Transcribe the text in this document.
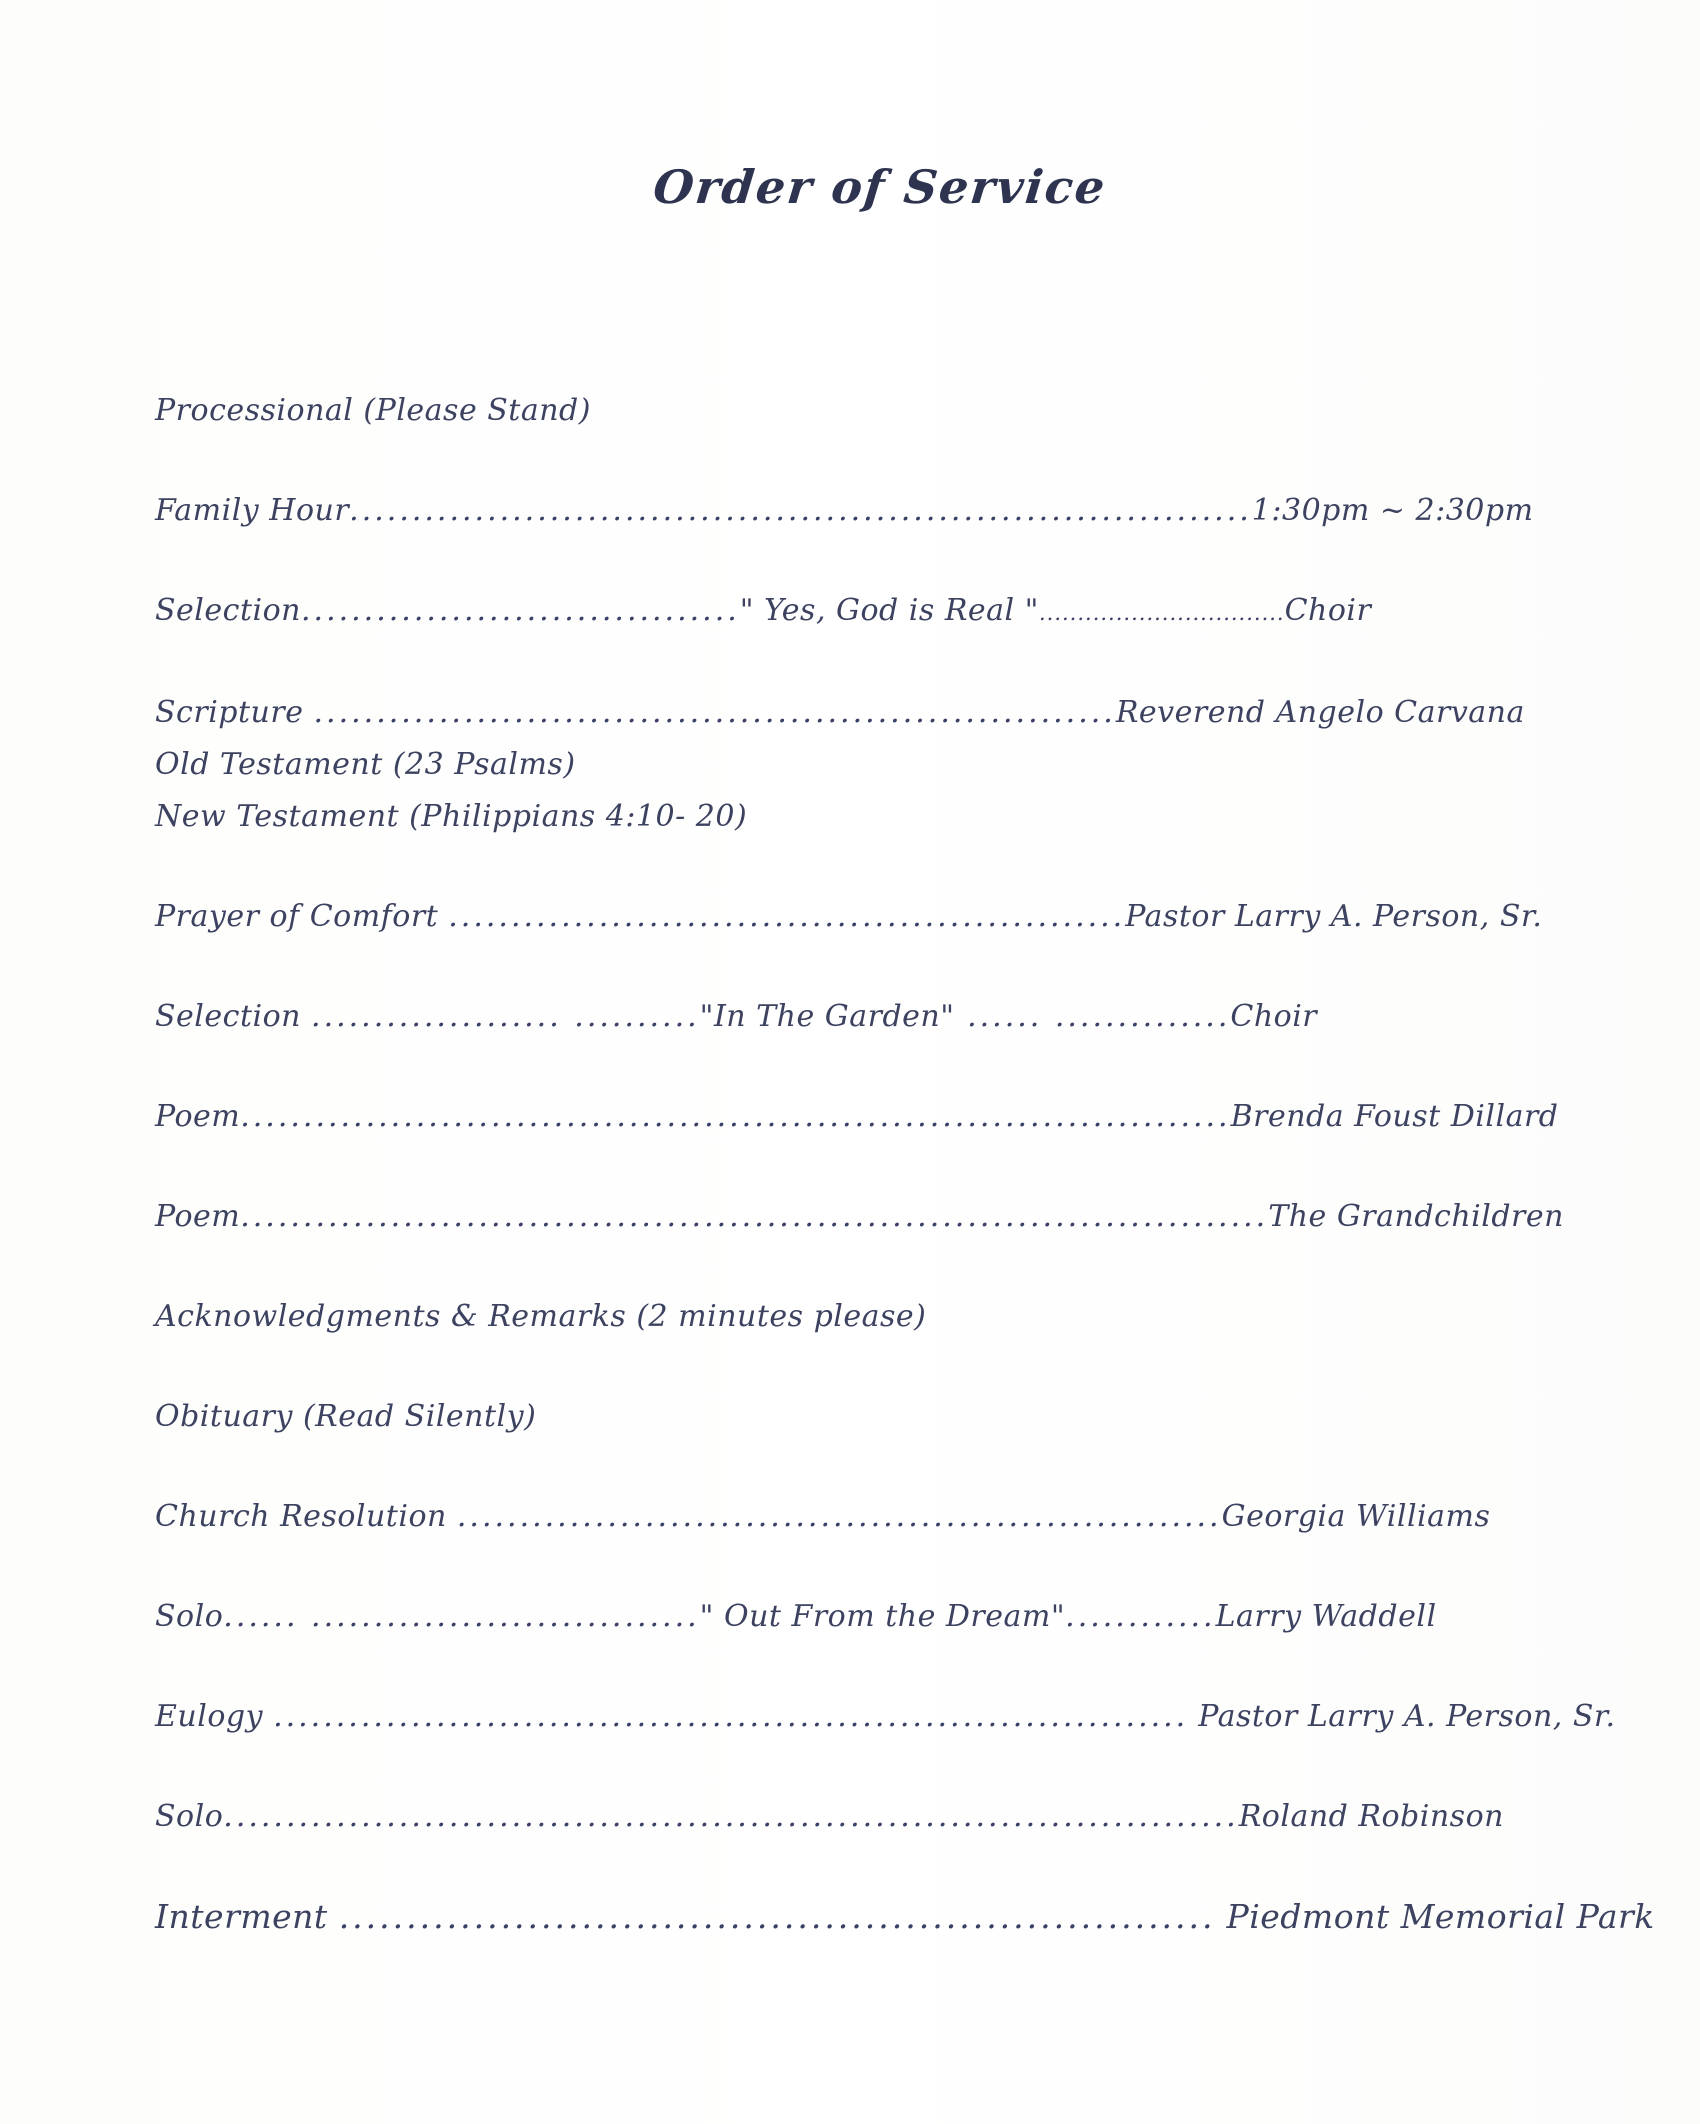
Order of Service
Processional (Please Stand)
Family Hour........................................................................1:30pm ~ 2:30pm
Selection..................................." Yes, God is Real "................................Choir
Scripture ................................................................Reverend Angelo Carvana
Old Testament (23 Psalms)
New Testament (Philippians 4:10- 20)
Prayer of Comfort ......................................................Pastor Larry A. Person, Sr.
Selection .................... .........."In The Garden" ...... ..............Choir
Poem...............................................................................Brenda Foust Dillard
Poem..................................................................................The Grandchildren
Acknowledgments & Remarks (2 minutes please)
Obituary (Read Silently)
Church Resolution .............................................................Georgia Williams
Solo...... ..............................." Out From the Dream"............Larry Waddell
Eulogy ......................................................................... Pastor Larry A. Person, Sr.
Solo.................................................................................Roland Robinson
Interment ................................................................. Piedmont Memorial Park
